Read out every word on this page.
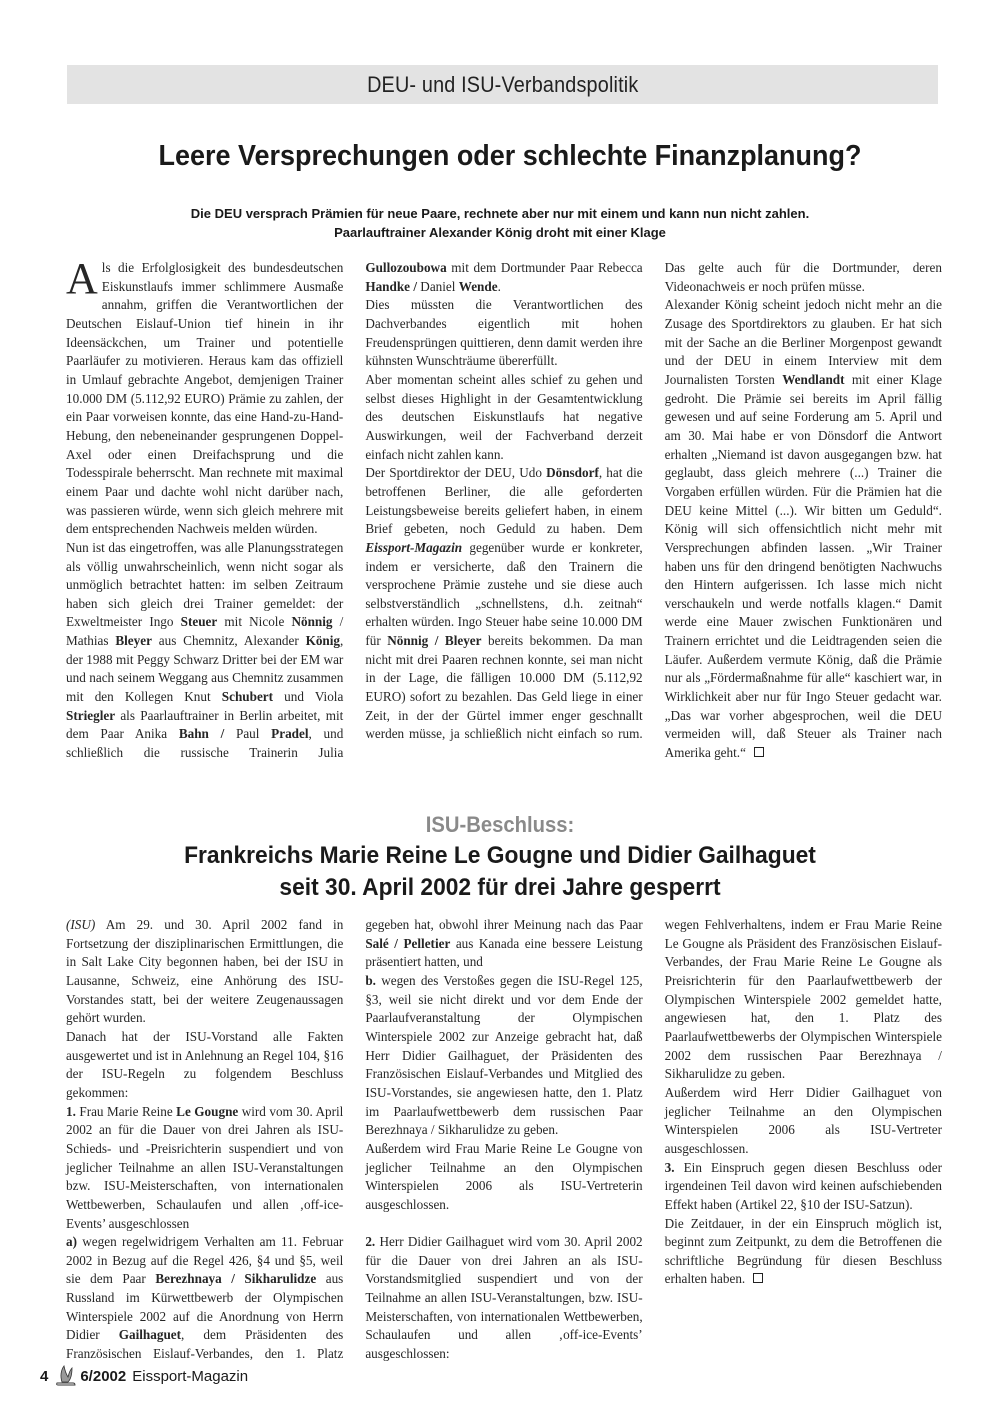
DEU- und ISU-Verbandspolitik
Leere Versprechungen oder schlechte Finanzplanung?
Die DEU versprach Prämien für neue Paare, rechnete aber nur mit einem und kann nun nicht zahlen.
Paarlauftrainer Alexander König droht mit einer Klage

Als die Erfolglosigkeit des bundesdeutschen Eiskunstlaufs immer schlimmere Ausmaße annahm, griffen die Verantwortlichen der Deutschen Eislauf-Union tief hinein in ihr Ideensäckchen, um Trainer und potentielle Paarläufer zu motivieren. Heraus kam das offiziell in Umlauf gebrachte Angebot, demjenigen Trainer 10.000 DM (5.112,92 EURO) Prämie zu zahlen, der ein Paar vorweisen konnte, das eine Hand-zu-Hand-Hebung, den nebeneinander gesprungenen Doppel-Axel oder einen Dreifachsprung und die Todesspirale beherrscht. Man rechnete mit maximal einem Paar und dachte wohl nicht darüber nach, was passieren würde, wenn sich gleich mehrere mit dem entsprechenden Nachweis melden würden.

Nun ist das eingetroffen, was alle Planungsstrategen als völlig unwahrscheinlich, wenn nicht sogar als unmöglich betrachtet hatten: im selben Zeitraum haben sich gleich drei Trainer gemeldet: der Exweltmeister Ingo Steuer mit Nicole Nönnig / Mathias Bleyer aus Chemnitz, Alexander König, der 1988 mit Peggy Schwarz Dritter bei der EM war und nach seinem Weggang aus Chemnitz zusammen mit den Kollegen Knut Schubert und Viola Striegler als Paarlauftrainer in Berlin arbeitet, mit dem Paar Anika Bahn / Paul Pradel, und schließlich die russische Trainerin Julia Gullozoubowa mit dem Dortmunder Paar Rebecca Handke / Daniel Wende.

Dies müssten die Verantwortlichen des Dachverbandes eigentlich mit hohen Freudensprüngen quittieren, denn damit werden ihre kühnsten Wunschträume übererfüllt.

Aber momentan scheint alles schief zu gehen und selbst dieses Highlight in der Gesamtentwicklung des deutschen Eiskunstlaufs hat negative Auswirkungen, weil der Fachverband derzeit einfach nicht zahlen kann.

Der Sportdirektor der DEU, Udo Dönsdorf, hat die betroffenen Berliner, die alle geforderten Leistungsbeweise bereits geliefert haben, in einem Brief gebeten, noch Geduld zu haben. Dem Eissport-Magazin gegenüber wurde er konkreter, indem er versicherte, daß den Trainern die versprochene Prämie zustehe und sie diese auch selbstverständlich „schnellstens, d.h. zeitnah“ erhalten würden. Ingo Steuer habe seine 10.000 DM für Nönnig / Bleyer bereits bekommen. Da man nicht mit drei Paaren rechnen konnte, sei man nicht in der Lage, die fälligen 10.000 DM (5.112,92 EURO) sofort zu bezahlen. Das Geld liege in einer Zeit, in der der Gürtel immer enger geschnallt werden müsse, ja schließlich nicht einfach so rum. Das gelte auch für die Dortmunder, deren Videonachweis er noch prüfen müsse.

Alexander König scheint jedoch nicht mehr an die Zusage des Sportdirektors zu glauben. Er hat sich mit der Sache an die Berliner Morgenpost gewandt und der DEU in einem Interview mit dem Journalisten Torsten Wendlandt mit einer Klage gedroht. Die Prämie sei bereits im April fällig gewesen und auf seine Forderung am 5. April und am 30. Mai habe er von Dönsdorf die Antwort erhalten „Niemand ist davon ausgegangen bzw. hat geglaubt, dass gleich mehrere (...) Trainer die Vorgaben erfüllen würden. Für die Prämien hat die DEU keine Mittel (...). Wir bitten um Geduld“. König will sich offensichtlich nicht mehr mit Versprechungen abfinden lassen. „Wir Trainer haben uns für den dringend benötigten Nachwuchs den Hintern aufgerissen. Ich lasse mich nicht verschaukeln und werde notfalls klagen.“ Damit werde eine Mauer zwischen Funktionären und Trainern errichtet und die Leidtragenden seien die Läufer. Außerdem vermute König, daß die Prämie nur als „Fördermaßnahme für alle“ kaschiert war, in Wirklichkeit aber nur für Ingo Steuer gedacht war. „Das war vorher abgesprochen, weil die DEU vermeiden will, daß Steuer als Trainer nach Amerika geht.“

ISU-Beschluss:
Frankreichs Marie Reine Le Gougne und Didier Gailhaguet
seit 30. April 2002 für drei Jahre gesperrt

(ISU) Am 29. und 30. April 2002 fand in Fortsetzung der disziplinarischen Ermittlungen, die in Salt Lake City begonnen haben, bei der ISU in Lausanne, Schweiz, eine Anhörung des ISU-Vorstandes statt, bei der weitere Zeugenaussagen gehört wurden.

Danach hat der ISU-Vorstand alle Fakten ausgewertet und ist in Anlehnung an Regel 104, §16 der ISU-Regeln zu folgendem Beschluss gekommen:

1. Frau Marie Reine Le Gougne wird vom 30. April 2002 an für die Dauer von drei Jahren als ISU-Schieds- und -Preisrichterin suspendiert und von jeglicher Teilnahme an allen ISU-Veranstaltungen bzw. ISU-Meisterschaften, von internationalen Wettbewerben, Schaulaufen und allen ‚off-ice-Events’ ausgeschlossen

a) wegen regelwidrigem Verhalten am 11. Februar 2002 in Bezug auf die Regel 426, §4 und §5, weil sie dem Paar Berezhnaya / Sikharulidze aus Russland im Kürwettbewerb der Olympischen Winterspiele 2002 auf die Anordnung von Herrn Didier Gailhaguet, dem Präsidenten des Französischen Eislauf-Verbandes, den 1. Platz gegeben hat, obwohl ihrer Meinung nach das Paar Salé / Pelletier aus Kanada eine bessere Leistung präsentiert hatten, und

b. wegen des Verstoßes gegen die ISU-Regel 125, §3, weil sie nicht direkt und vor dem Ende der Paarlaufveranstaltung der Olympischen Winterspiele 2002 zur Anzeige gebracht hat, daß Herr Didier Gailhaguet, der Präsidenten des Französischen Eislauf-Verbandes und Mitglied des ISU-Vorstandes, sie angewiesen hatte, den 1. Platz im Paarlaufwettbewerb dem russischen Paar Berezhnaya / Sikharulidze zu geben.

Außerdem wird Frau Marie Reine Le Gougne von jeglicher Teilnahme an den Olympischen Winterspielen 2006 als ISU-Vertreterin ausgeschlossen.

2. Herr Didier Gailhaguet wird vom 30. April 2002 für die Dauer von drei Jahren an als ISU-Vorstandsmitglied suspendiert und von der Teilnahme an allen ISU-Veranstaltungen, bzw. ISU-Meisterschaften, von internationalen Wettbewerben, Schaulaufen und allen ‚off-ice-Events’ ausgeschlossen:

wegen Fehlverhaltens, indem er Frau Marie Reine Le Gougne als Präsident des Französischen Eislauf-Verbandes, der Frau Marie Reine Le Gougne als Preisrichterin für den Paarlaufwettbewerb der Olympischen Winterspiele 2002 gemeldet hatte, angewiesen hat, den 1. Platz des Paarlaufwettbewerbs der Olympischen Winterspiele 2002 dem russischen Paar Berezhnaya / Sikharulidze zu geben.

Außerdem wird Herr Didier Gailhaguet von jeglicher Teilnahme an den Olympischen Winterspielen 2006 als ISU-Vertreter ausgeschlossen.

3. Ein Einspruch gegen diesen Beschluss oder irgendeinen Teil davon wird keinen aufschiebenden Effekt haben (Artikel 22, §10 der ISU-Satzun).

Die Zeitdauer, in der ein Einspruch möglich ist, beginnt zum Zeitpunkt, zu dem die Betroffenen die schriftliche Begründung für diesen Beschluss erhalten haben.

4 6/2002 Eissport-Magazin
